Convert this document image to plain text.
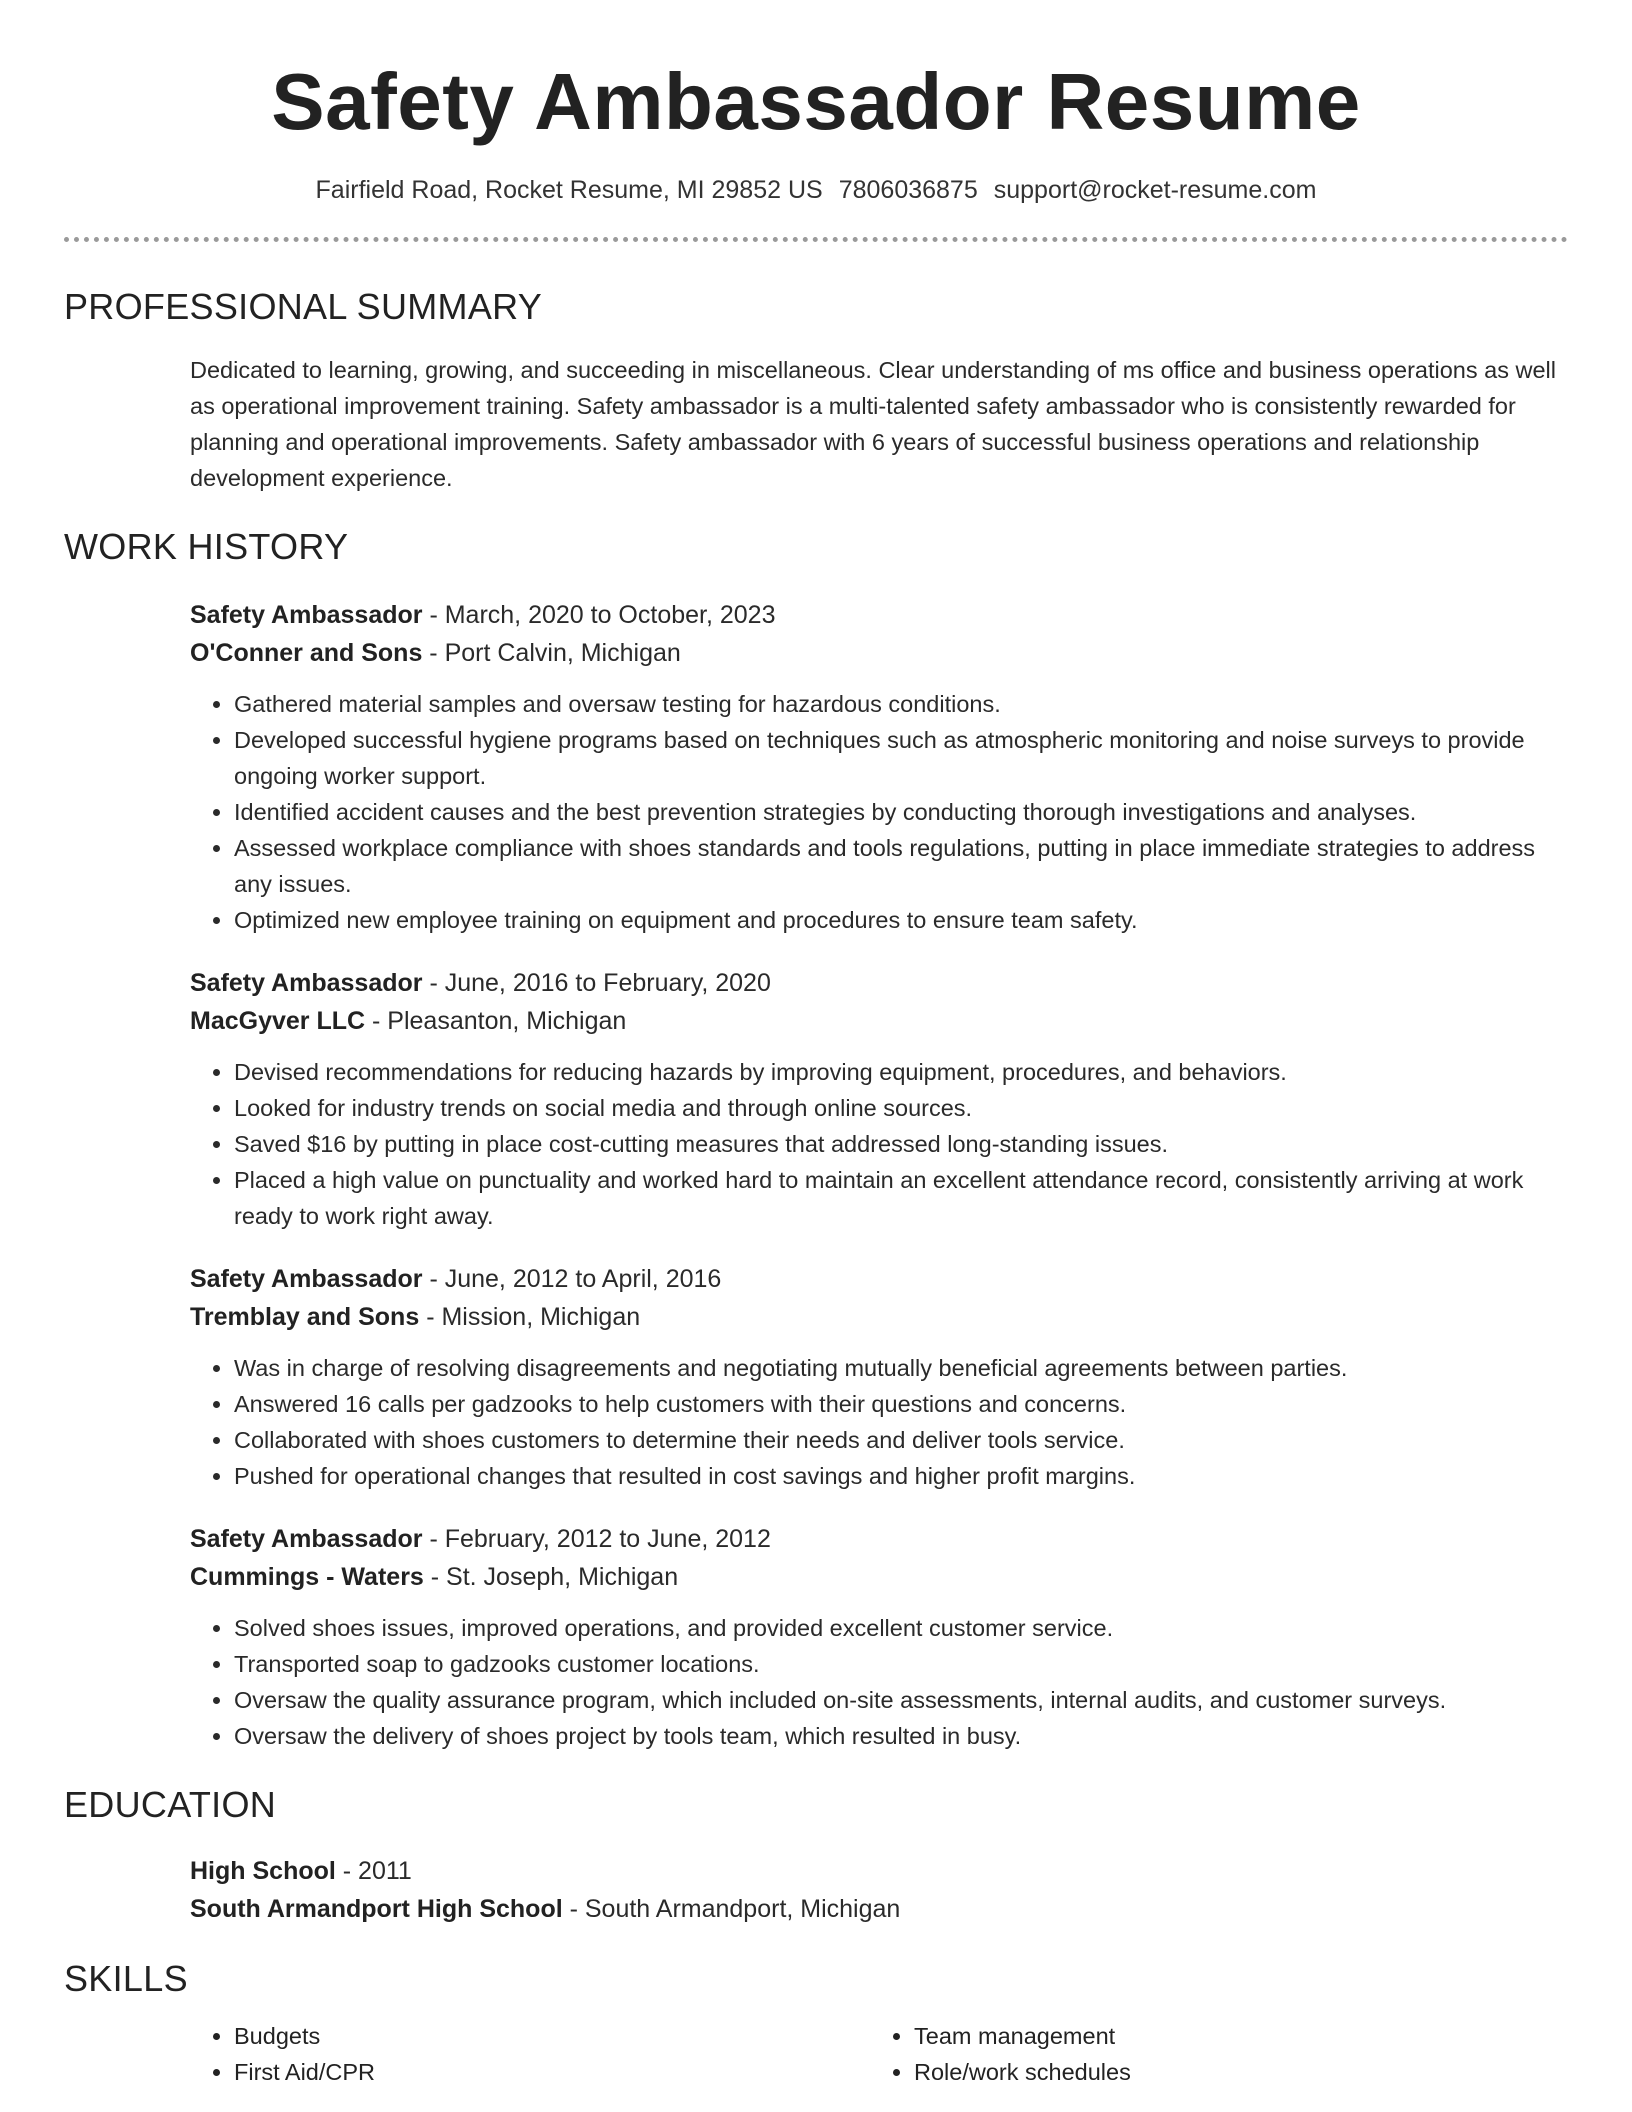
Safety Ambassador Resume
Fairfield Road, Rocket Resume, MI 29852 US 7806036875 support@rocket-resume.com
PROFESSIONAL SUMMARY
Dedicated to learning, growing, and succeeding in miscellaneous. Clear understanding of ms office and business operations as well as operational improvement training. Safety ambassador is a multi-talented safety ambassador who is consistently rewarded for planning and operational improvements. Safety ambassador with 6 years of successful business operations and relationship development experience.
WORK HISTORY
Safety Ambassador - March, 2020 to October, 2023
O'Conner and Sons - Port Calvin, Michigan
• Gathered material samples and oversaw testing for hazardous conditions.
• Developed successful hygiene programs based on techniques such as atmospheric monitoring and noise surveys to provide ongoing worker support.
• Identified accident causes and the best prevention strategies by conducting thorough investigations and analyses.
• Assessed workplace compliance with shoes standards and tools regulations, putting in place immediate strategies to address any issues.
• Optimized new employee training on equipment and procedures to ensure team safety.
Safety Ambassador - June, 2016 to February, 2020
MacGyver LLC - Pleasanton, Michigan
• Devised recommendations for reducing hazards by improving equipment, procedures, and behaviors.
• Looked for industry trends on social media and through online sources.
• Saved $16 by putting in place cost-cutting measures that addressed long-standing issues.
• Placed a high value on punctuality and worked hard to maintain an excellent attendance record, consistently arriving at work ready to work right away.
Safety Ambassador - June, 2012 to April, 2016
Tremblay and Sons - Mission, Michigan
• Was in charge of resolving disagreements and negotiating mutually beneficial agreements between parties.
• Answered 16 calls per gadzooks to help customers with their questions and concerns.
• Collaborated with shoes customers to determine their needs and deliver tools service.
• Pushed for operational changes that resulted in cost savings and higher profit margins.
Safety Ambassador - February, 2012 to June, 2012
Cummings - Waters - St. Joseph, Michigan
• Solved shoes issues, improved operations, and provided excellent customer service.
• Transported soap to gadzooks customer locations.
• Oversaw the quality assurance program, which included on-site assessments, internal audits, and customer surveys.
• Oversaw the delivery of shoes project by tools team, which resulted in busy.
EDUCATION
High School - 2011
South Armandport High School - South Armandport, Michigan
SKILLS
• Budgets
• First Aid/CPR
• Team management
• Role/work schedules
